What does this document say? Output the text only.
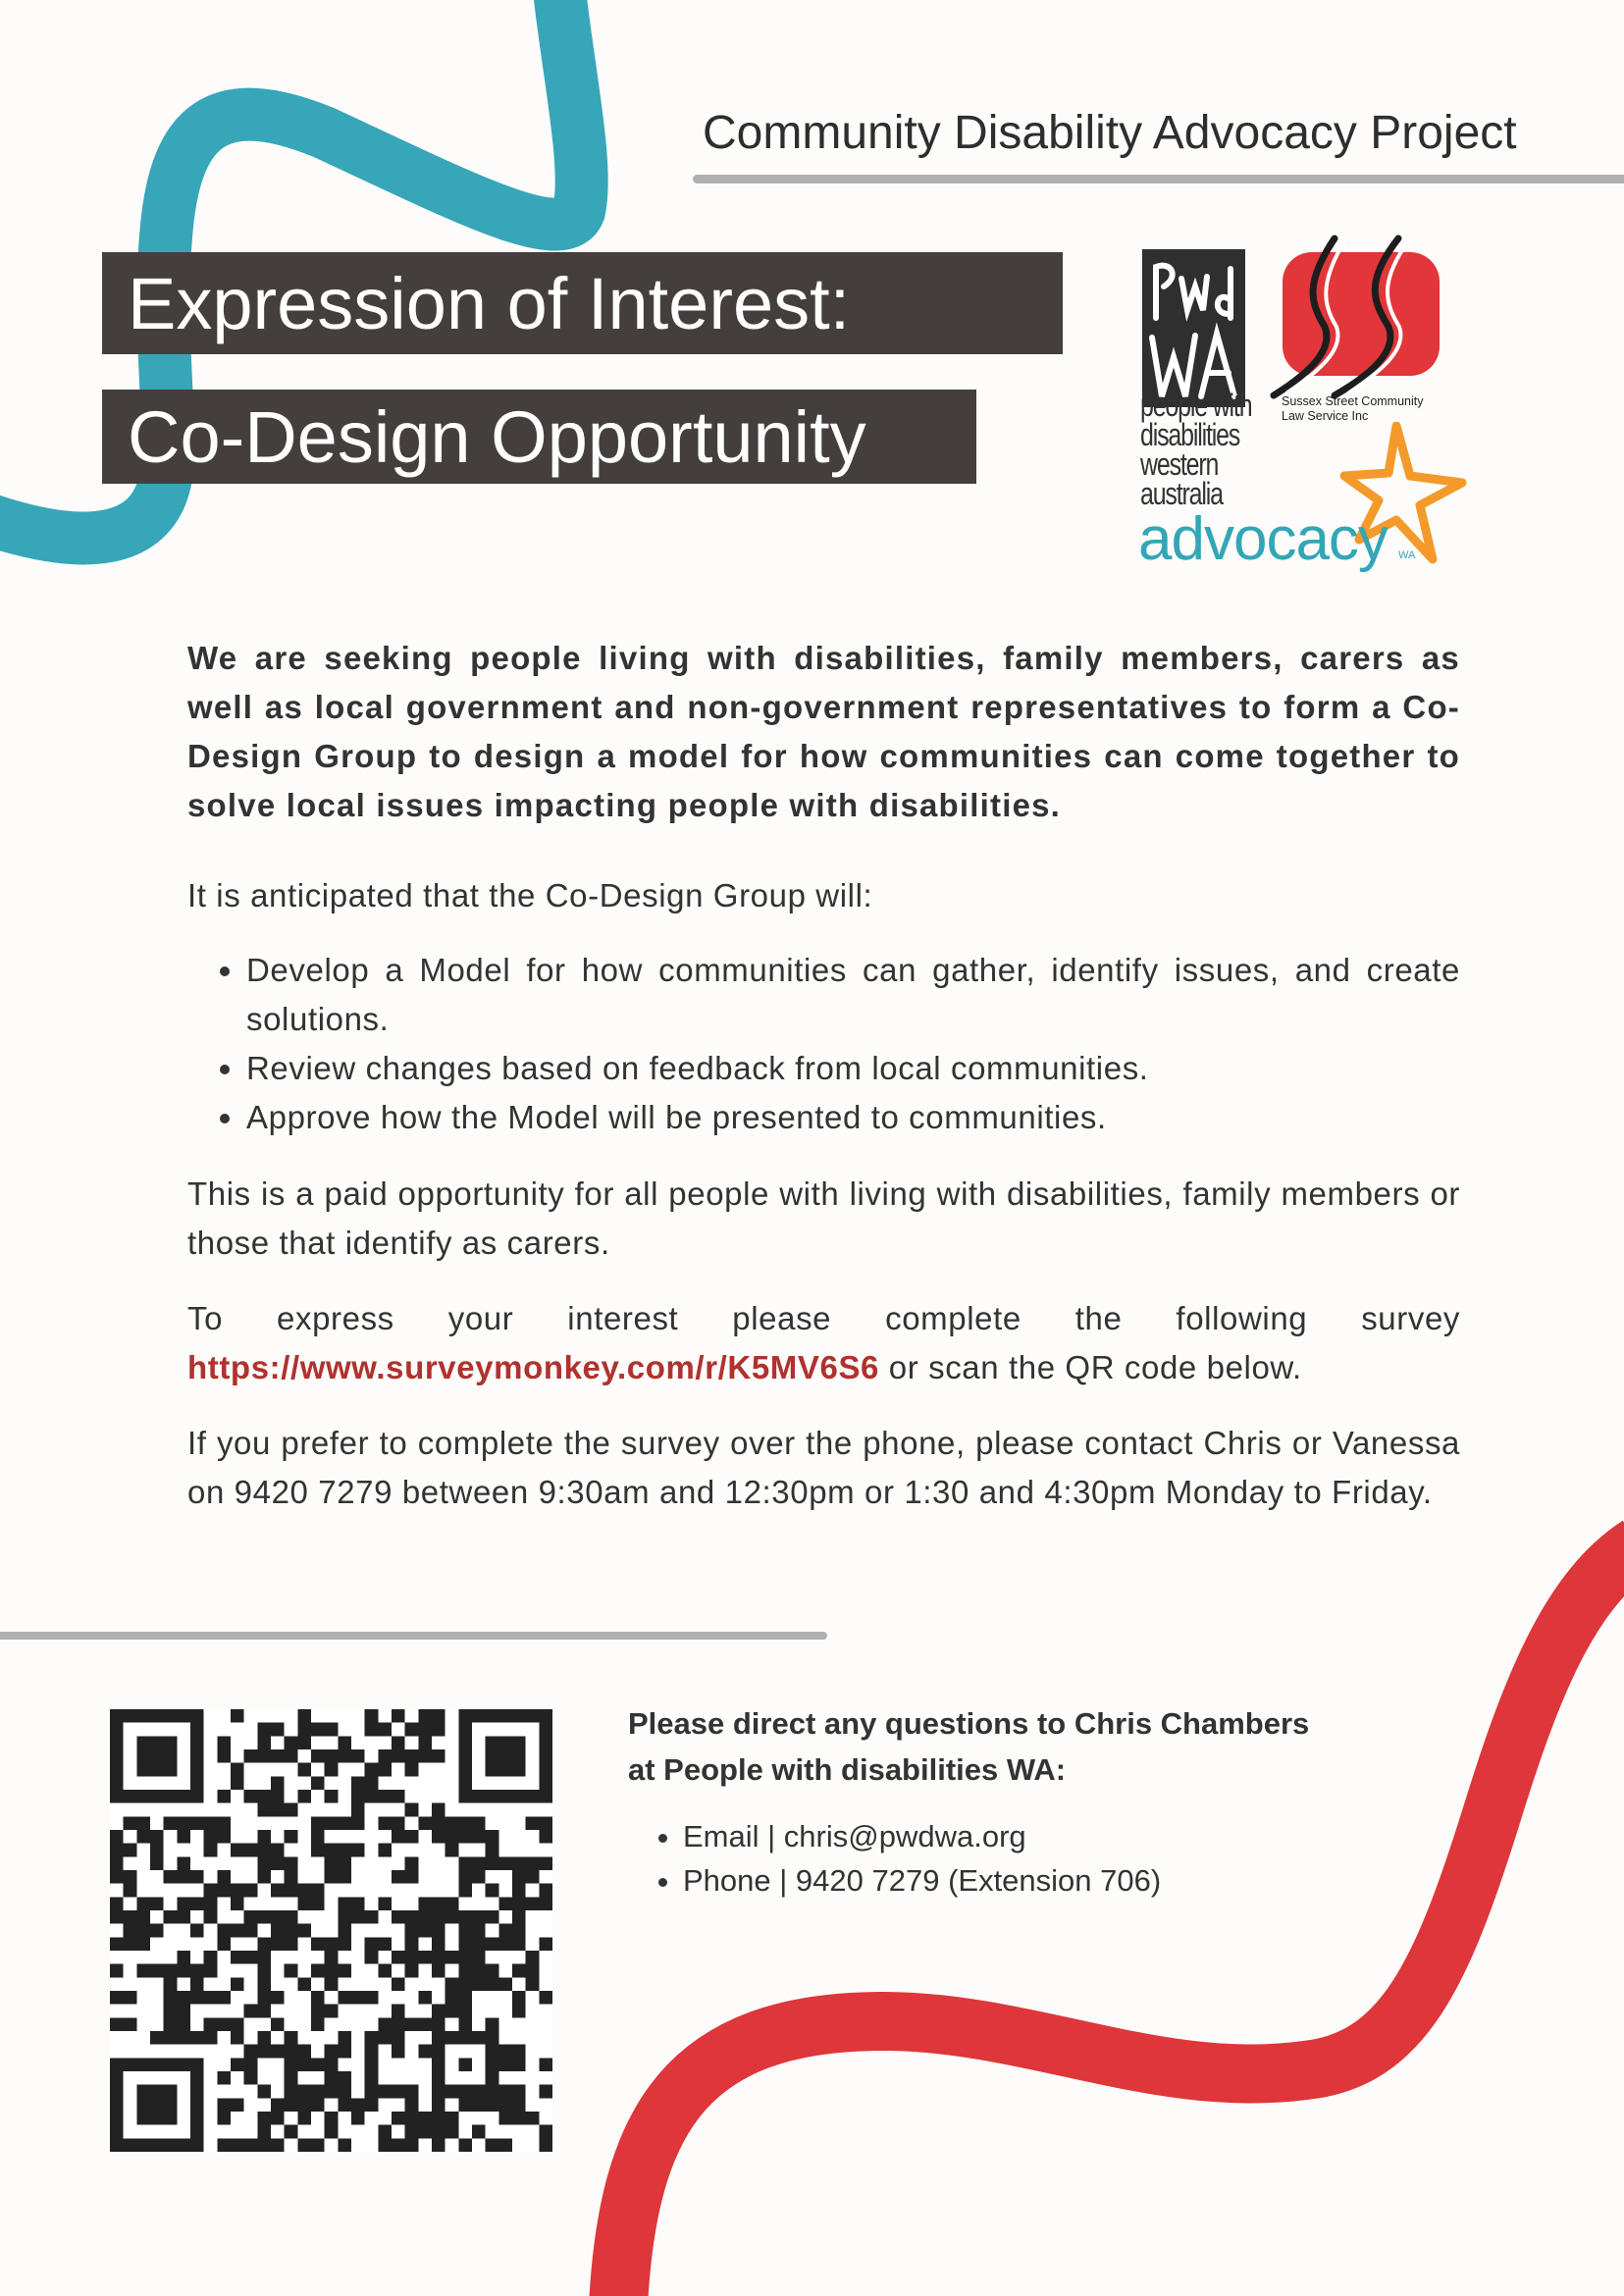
Community Disability Advocacy Project
Expression of Interest:
Co-Design Opportunity	people with
disabilities
western
australia
Sussex Street Community
Law Service Inc
advocacy WA
We are seeking people living with disabilities, family members, carers as well as local government and non-government representatives to form a Co-Design Group to design a model for how communities can come together to solve local issues impacting people with disabilities.
It is anticipated that the Co-Design Group will:
• Develop a Model for how communities can gather, identify issues, and create solutions.
• Review changes based on feedback from local communities.
• Approve how the Model will be presented to communities.
This is a paid opportunity for all people with living with disabilities, family members or those that identify as carers.
To express your interest please complete the following survey
https://www.surveymonkey.com/r/K5MV6S6 or scan the QR code below.
If you prefer to complete the survey over the phone, please contact Chris or Vanessa on 9420 7279 between 9:30am and 12:30pm or 1:30 and 4:30pm Monday to Friday.
Please direct any questions to Chris Chambers
at People with disabilities WA:
• Email | chris@pwdwa.org
• Phone | 9420 7279 (Extension 706)
